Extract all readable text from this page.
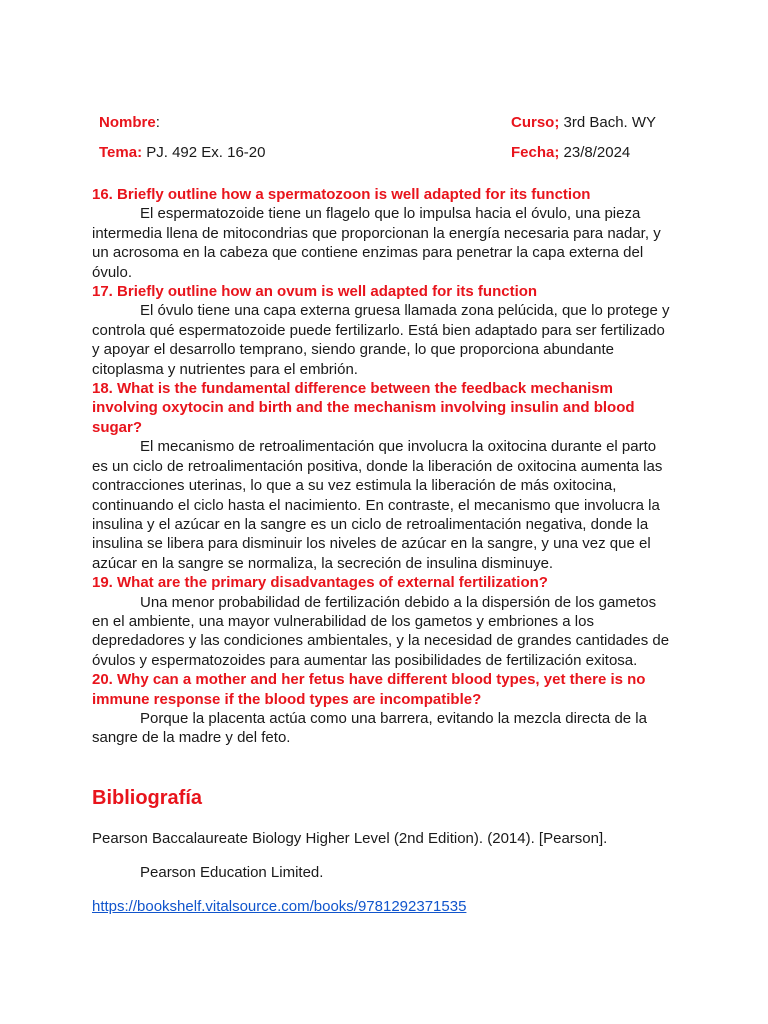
Nombre:	Curso; 3rd Bach. WY
Tema: PJ. 492 Ex. 16-20	Fecha; 23/8/2024

16. Briefly outline how a spermatozoon is well adapted for its function

El espermatozoide tiene un flagelo que lo impulsa hacia el óvulo, una pieza intermedia llena de mitocondrias que proporcionan la energía necesaria para nadar, y un acrosoma en la cabeza que contiene enzimas para penetrar la capa externa del óvulo.

17. Briefly outline how an ovum is well adapted for its function

El óvulo tiene una capa externa gruesa llamada zona pelúcida, que lo protege y controla qué espermatozoide puede fertilizarlo. Está bien adaptado para ser fertilizado y apoyar el desarrollo temprano, siendo grande, lo que proporciona abundante citoplasma y nutrientes para el embrión.

18. What is the fundamental difference between the feedback mechanism involving oxytocin and birth and the mechanism involving insulin and blood sugar?

El mecanismo de retroalimentación que involucra la oxitocina durante el parto es un ciclo de retroalimentación positiva, donde la liberación de oxitocina aumenta las contracciones uterinas, lo que a su vez estimula la liberación de más oxitocina, continuando el ciclo hasta el nacimiento. En contraste, el mecanismo que involucra la insulina y el azúcar en la sangre es un ciclo de retroalimentación negativa, donde la insulina se libera para disminuir los niveles de azúcar en la sangre, y una vez que el azúcar en la sangre se normaliza, la secreción de insulina disminuye.

19. What are the primary disadvantages of external fertilization?

Una menor probabilidad de fertilización debido a la dispersión de los gametos en el ambiente, una mayor vulnerabilidad de los gametos y embriones a los depredadores y las condiciones ambientales, y la necesidad de grandes cantidades de óvulos y espermatozoides para aumentar las posibilidades de fertilización exitosa.

20. Why can a mother and her fetus have different blood types, yet there is no immune response if the blood types are incompatible?

Porque la placenta actúa como una barrera, evitando la mezcla directa de la sangre de la madre y del feto.

Bibliografía
Pearson Baccalaureate Biology Higher Level (2nd Edition). (2014). [Pearson].
Pearson Education Limited.
https://bookshelf.vitalsource.com/books/9781292371535
